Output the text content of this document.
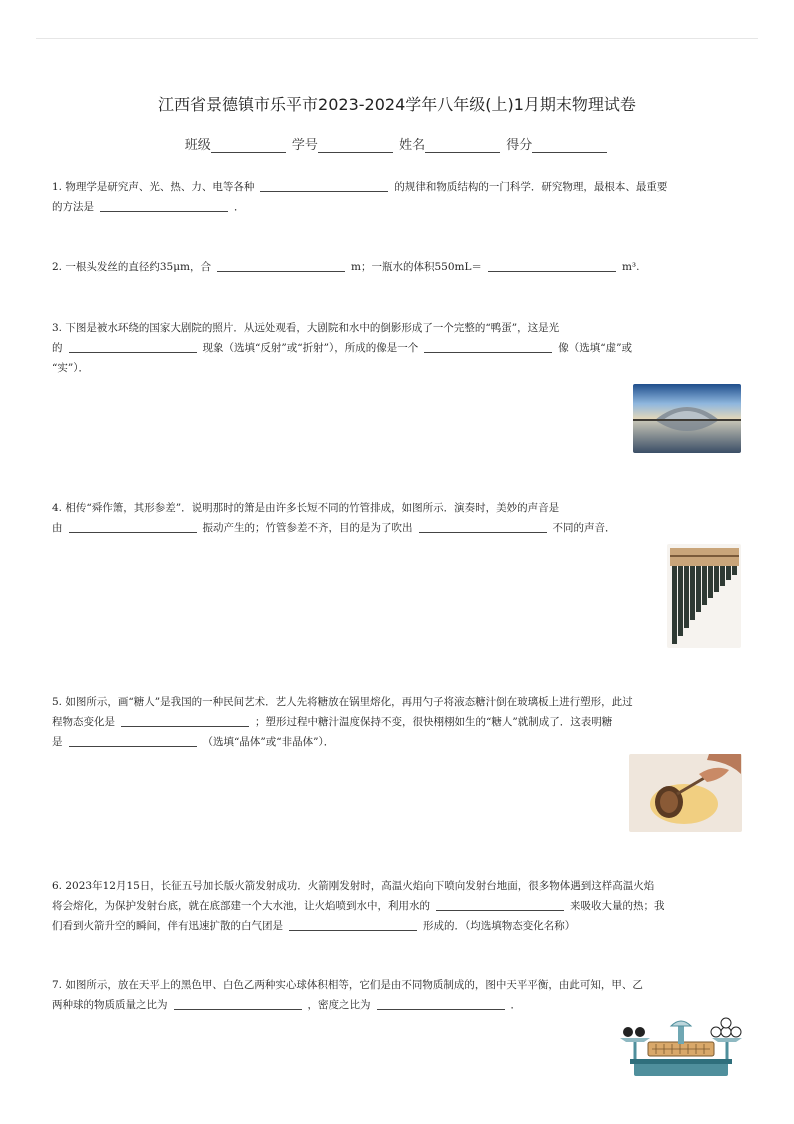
江西省景德镇市乐平市2023-2024学年八年级(上)1月期末物理试卷
班级	学号	姓名	得分
1. 物理学是研究声、光、热、力、电等各种	的规律和物质结构的一门科学．研究物理，最根本、最重要
的方法是	．
2. 一根头发丝的直径约35μm，合	m；一瓶水的体积550mL＝	m³.
3. 下图是被水环绕的国家大剧院的照片．从远处观看，大剧院和水中的倒影形成了一个完整的“鸭蛋”，这是光
的	现象（选填“反射”或“折射”），所成的像是一个	像（选填“虚”或
“实”）．
4. 相传“舜作箫，其形参差”．说明那时的箫是由许多长短不同的竹管排成，如图所示．演奏时，美妙的声音是
由	振动产生的；竹管参差不齐，目的是为了吹出	不同的声音．
5. 如图所示，画“糖人”是我国的一种民间艺术．艺人先将糖放在锅里熔化，再用勺子将液态糖汁倒在玻璃板上进行塑形，此过
程物态变化是	；塑形过程中糖汁温度保持不变，很快栩栩如生的“糖人”就制成了．这表明糖
是	（选填“晶体”或“非晶体”）．
6. 2023年12月15日，长征五号加长版火箭发射成功．火箭刚发射时，高温火焰向下喷向发射台地面，很多物体遇到这样高温火焰
将会熔化，为保护发射台底，就在底部建一个大水池，让火焰喷到水中，利用水的	来吸收大量的热；我
们看到火箭升空的瞬间，伴有迅速扩散的白气团是	形成的．（均选填物态变化名称）
7. 如图所示，放在天平上的黑色甲、白色乙两种实心球体积相等，它们是由不同物质制成的，图中天平平衡，由此可知，甲、乙
两种球的物质质量之比为	，密度之比为	．
